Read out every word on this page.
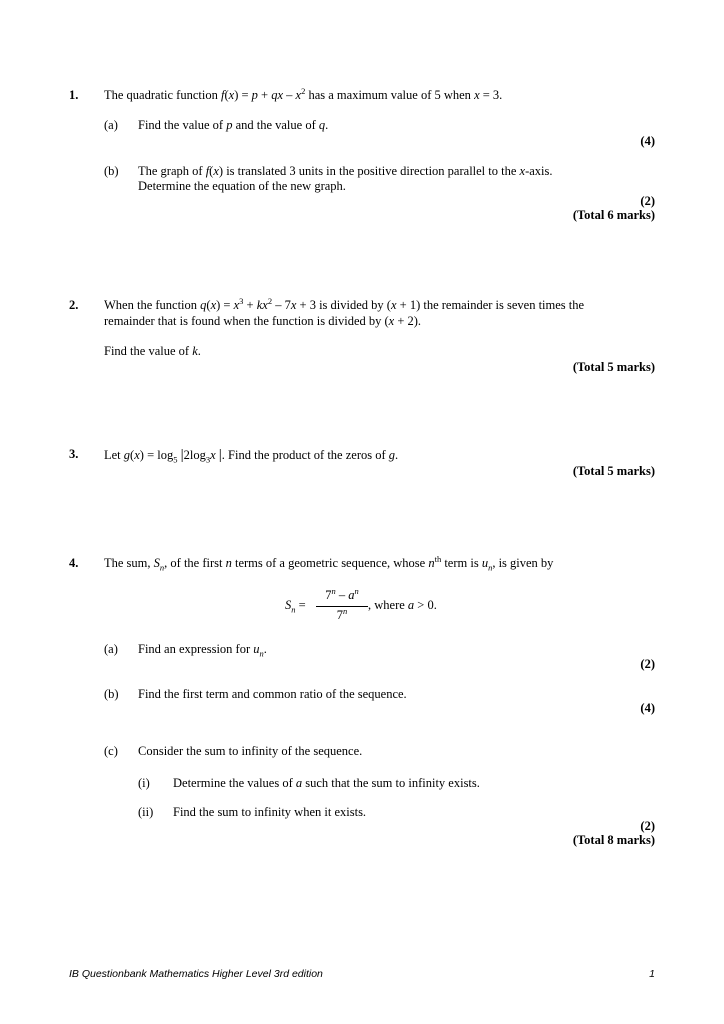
1. The quadratic function f(x) = p + qx – $x^2$ has a maximum value of 5 when x = 3.
(a) Find the value of p and the value of q.
(4)
(b) The graph of f(x) is translated 3 units in the positive direction parallel to the x-axis.
Determine the equation of the new graph.
(2)
(Total 6 marks)
2. When the function $q(x) = x^3 + kx^2 - 7x + 3$ is divided by (x + 1) the remainder is seven times the
remainder that is found when the function is divided by (x + 2).
Find the value of k.
(Total 5 marks)
3. Let $g(x) = \log_5 |2\log_3x$ |. Find the product of the zeros of g.
(Total 5 marks)
4. The sum, $S_n$, of the first n terms of a geometric sequence, whose $n^{th}$ term is $u_n$, is given by
$S_n$ =
$7^n - a^n$
7$^n$	, where a > 0.
(a) Find an expression for $u_n$.
(2)
(b) Find the first term and common ratio of the sequence.
(4)
(c) Consider the sum to infinity of the sequence.
(i) Determine the values of a such that the sum to infinity exists.
(ii) Find the sum to infinity when it exists.
(2)
(Total 8 marks)
IB Questionbank Mathematics Higher Level 3rd edition	1
